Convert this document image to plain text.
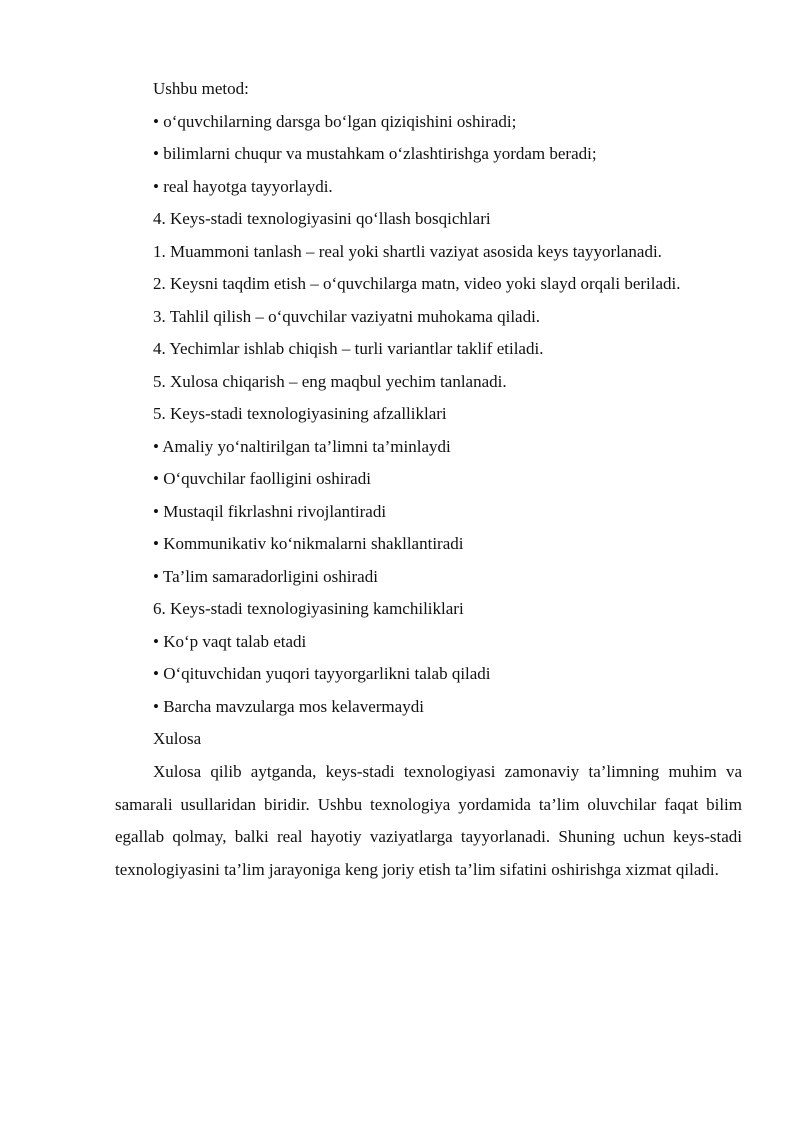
Ushbu metod:
• o‘quvchilarning darsga bo‘lgan qiziqishini oshiradi;
• bilimlarni chuqur va mustahkam o‘zlashtirishga yordam beradi;
• real hayotga tayyorlaydi.
4. Keys-stadi texnologiyasini qo‘llash bosqichlari
1. Muammoni tanlash – real yoki shartli vaziyat asosida keys tayyorlanadi.
2. Keysni taqdim etish – o‘quvchilarga matn, video yoki slayd orqali beriladi.
3. Tahlil qilish – o‘quvchilar vaziyatni muhokama qiladi.
4. Yechimlar ishlab chiqish – turli variantlar taklif etiladi.
5. Xulosa chiqarish – eng maqbul yechim tanlanadi.
5. Keys-stadi texnologiyasining afzalliklari
• Amaliy yo‘naltirilgan ta’limni ta’minlaydi
• O‘quvchilar faolligini oshiradi
• Mustaqil fikrlashni rivojlantiradi
• Kommunikativ ko‘nikmalarni shakllantiradi
• Ta’lim samaradorligini oshiradi
6. Keys-stadi texnologiyasining kamchiliklari
• Ko‘p vaqt talab etadi
• O‘qituvchidan yuqori tayyorgarlikni talab qiladi
• Barcha mavzularga mos kelavermaydi
Xulosa
Xulosa qilib aytganda, keys-stadi texnologiyasi zamonaviy ta’limning muhim va samarali usullaridan biridir. Ushbu texnologiya yordamida ta’lim oluvchilar faqat bilim egallab qolmay, balki real hayotiy vaziyatlarga tayyorlanadi. Shuning uchun keys-stadi texnologiyasini ta’lim jarayoniga keng joriy etish ta’lim sifatini oshirishga xizmat qiladi.
